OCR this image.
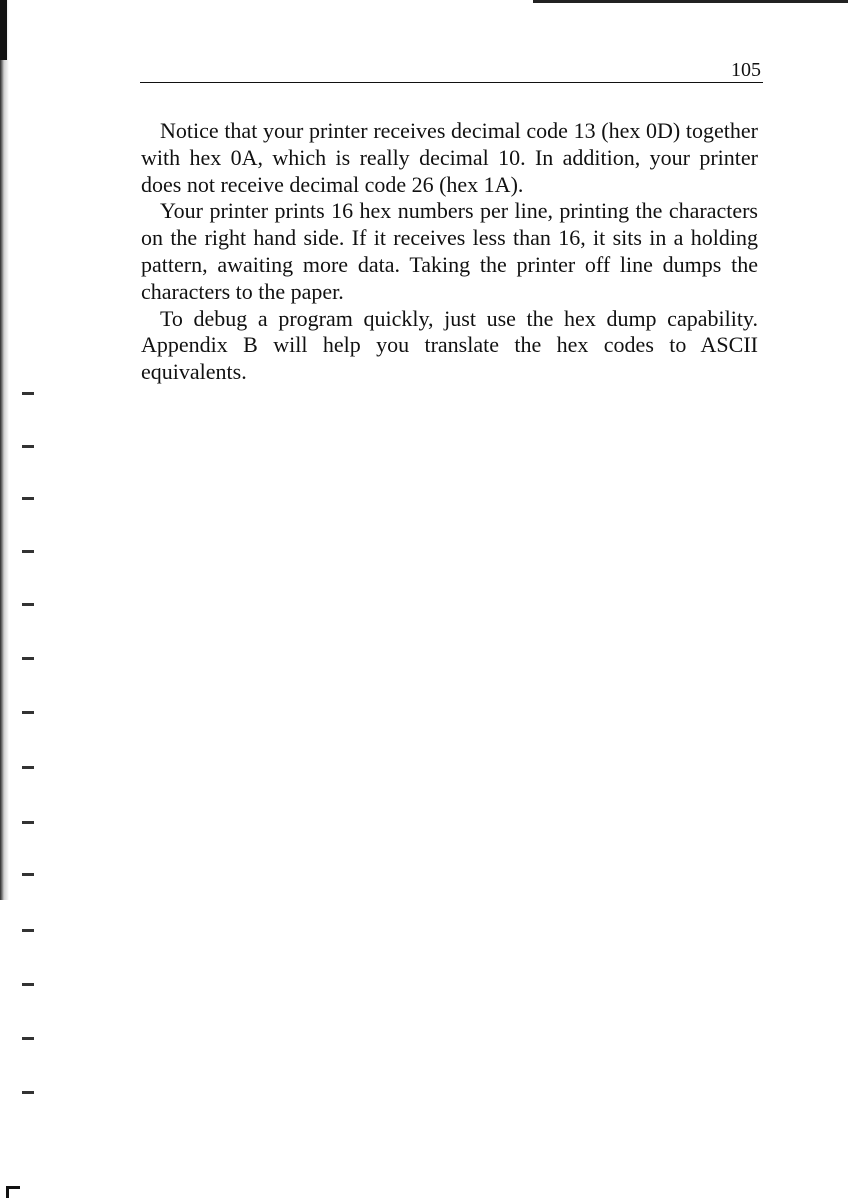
105

Notice that your printer receives decimal code 13 (hex 0D) together with hex 0A, which is really decimal 10. In addition, your printer does not receive decimal code 26 (hex 1A).

Your printer prints 16 hex numbers per line, printing the characters on the right hand side. If it receives less than 16, it sits in a holding pattern, awaiting more data. Taking the printer off line dumps the characters to the paper.

To debug a program quickly, just use the hex dump capability. Appendix B will help you translate the hex codes to ASCII equivalents.
